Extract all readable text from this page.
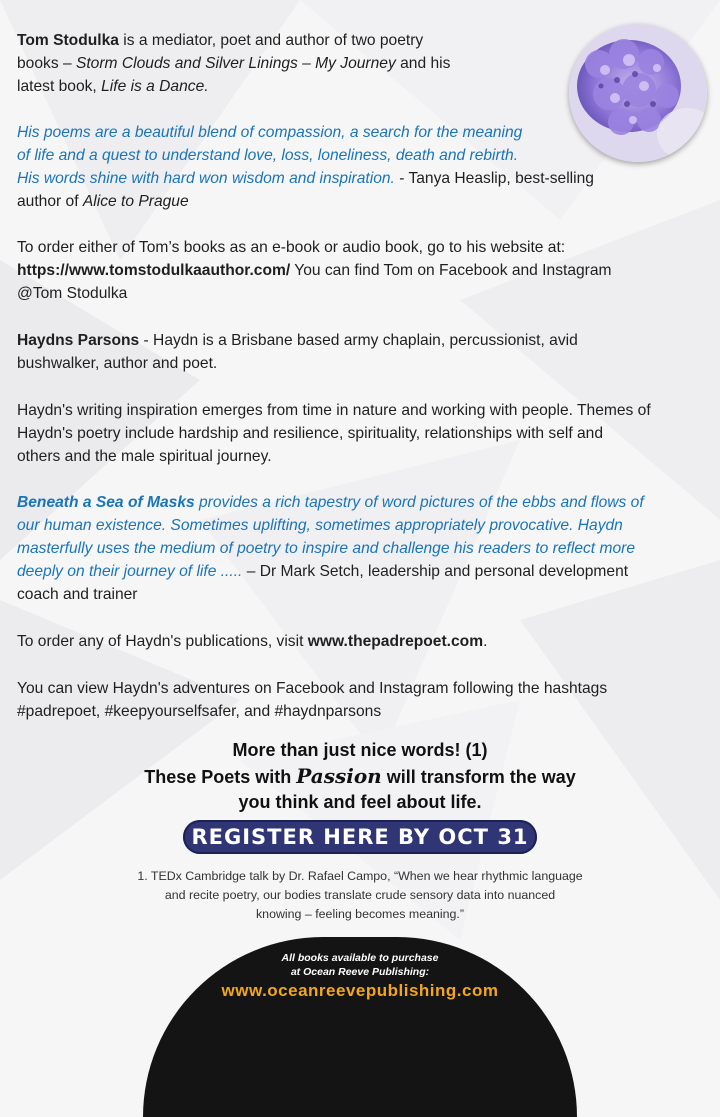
Tom Stodulka is a mediator, poet and author of two poetry
books – Storm Clouds and Silver Linings – My Journey and his
latest book, Life is a Dance.

His poems are a beautiful blend of compassion, a search for the meaning
of life and a quest to understand love, loss, loneliness, death and rebirth.
His words shine with hard won wisdom and inspiration. - Tanya Heaslip, best-selling
author of Alice to Prague

To order either of Tom’s books as an e-book or audio book, go to his website at:
https://www.tomstodulkaauthor.com/ You can find Tom on Facebook and Instagram
@Tom Stodulka

Haydns Parsons - Haydn is a Brisbane based army chaplain, percussionist, avid
bushwalker, author and poet.

Haydn's writing inspiration emerges from time in nature and working with people. Themes of
Haydn's poetry include hardship and resilience, spirituality, relationships with self and
others and the male spiritual journey.

Beneath a Sea of Masks provides a rich tapestry of word pictures of the ebbs and flows of
our human existence. Sometimes uplifting, sometimes appropriately provocative. Haydn
masterfully uses the medium of poetry to inspire and challenge his readers to reflect more
deeply on their journey of life ..... – Dr Mark Setch, leadership and personal development
coach and trainer

To order any of Haydn's publications, visit www.thepadrepoet.com.

You can view Haydn's adventures on Facebook and Instagram following the hashtags
#padrepoet, #keepyourselfsafer, and #haydnparsons

More than just nice words! (1)
These Poets with Passion will transform the way
you think and feel about life.
REGISTER HERE BY OCT 31
1. TEDx Cambridge talk by Dr. Rafael Campo, “When we hear rhythmic language
and recite poetry, our bodies translate crude sensory data into nuanced
knowing – feeling becomes meaning.”
All books available to purchase
at Ocean Reeve Publishing:
www.oceanreevepublishing.com
